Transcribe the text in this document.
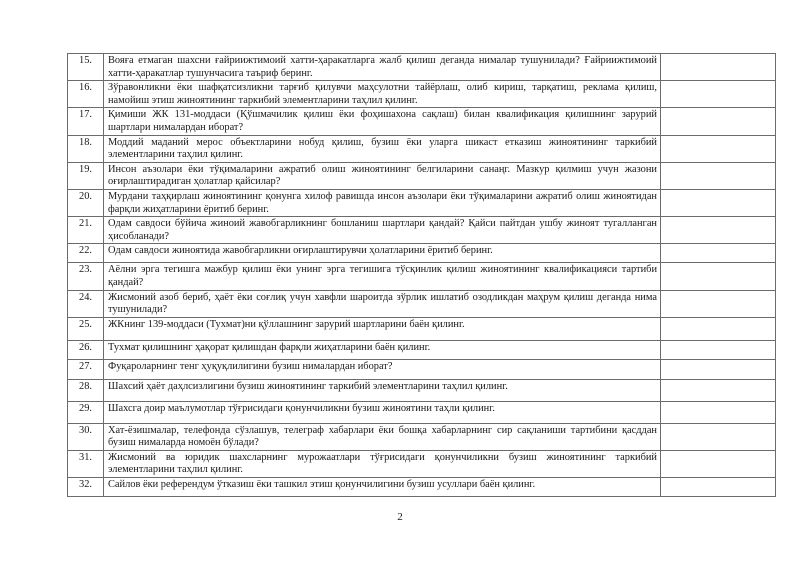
15.	Вояға етмаган шахсни ғайриижтимоий хатти-ҳаракатларга жалб қилиш деганда нималар тушунилади? Ғайриижтимоий хатти-ҳаракатлар тушунчасига таъриф беринг.	
16.	Зўравонликни ёки шафқатсизликни тарғиб қилувчи маҳсулотни тайёрлаш, олиб кириш, тарқатиш, реклама қилиш, намойиш этиш жиноятининг таркибий элементларини таҳлил қилинг.	
17.	Қимиши ЖК 131-моддаси (Қўшмачилик қилиш ёки фоҳишахона сақлаш) билан квалификация қилишнинг зарурий шартлари нималардан иборат?	
18.	Моддий маданий мерос объектларини нобуд қилиш, бузиш ёки уларга шикаст етказиш жиноятининг таркибий элементларини таҳлил қилинг.	
19.	Инсон аъзолари ёки тўқималарини ажратиб олиш жиноятининг белгиларини санаңг. Мазкур қилмиш учун жазони оғирлаштирадиган ҳолатлар қайсилар?	
20.	Мурдани таҳқирлаш жиноятининг қонунга хилоф равишда инсон аъзолари ёки тўқималарини ажратиб олиш жиноятидан фарқли жиҳатларини ёритиб беринг.	
21.	Одам савдоси бўйича жиноий жавобгарликнинг бошланиш шартлари қандай? Қайси пайтдан ушбу жиноят тугалланган ҳисобланади?	
22.	Одам савдоси жиноятида жавобгарликни оғирлаштирувчи ҳолатларини ёритиб беринг.	
23.	Аёлни эрга тегишга мажбур қилиш ёки унинг эрга тегишига тўсқинлик қилиш жиноятининг квалификацияси тартиби қандай?	
24.	Жисмоний азоб бериб, ҳаёт ёки соғлиқ учун хавфли шароитда зўрлик ишлатиб озодликдан маҳрум қилиш деганда нима тушунилади?	
25.	ЖКнинг 139-моддаси (Тухмат)ни қўллашнинг зарурий шартларини баён қилинг.	
26.	Тухмат қилишнинг ҳақорат қилишдан фарқли жиҳатларини баён қилинг.	
27.	Фуқароларнинг тенг ҳуқуқлилигини бузиш нималардан иборат?	
28.	Шахсий ҳаёт даҳлсизлигини бузиш жиноятининг таркибий элементларини таҳлил қилинг.	
29.	Шахсга доир маълумотлар тўғрисидаги қонунчиликни бузиш жиноятини таҳли қилинг.	
30.	Хат-ёзишмалар, телефонда сўзлашув, телеграф хабарлари ёки бошқа хабарларнинг сир сақланиши тартибини қасддан бузиш нималарда номоён бўлади?	
31.	Жисмоний ва юридик шахсларнинг мурожаатлари тўғрисидаги қонунчиликни бузиш жиноятининг таркибий элементларини таҳлил қилинг.	
32.	Сайлов ёки референдум ўтказиш ёки ташкил этиш қонунчилигини бузиш усуллари баён қилинг.	
2
